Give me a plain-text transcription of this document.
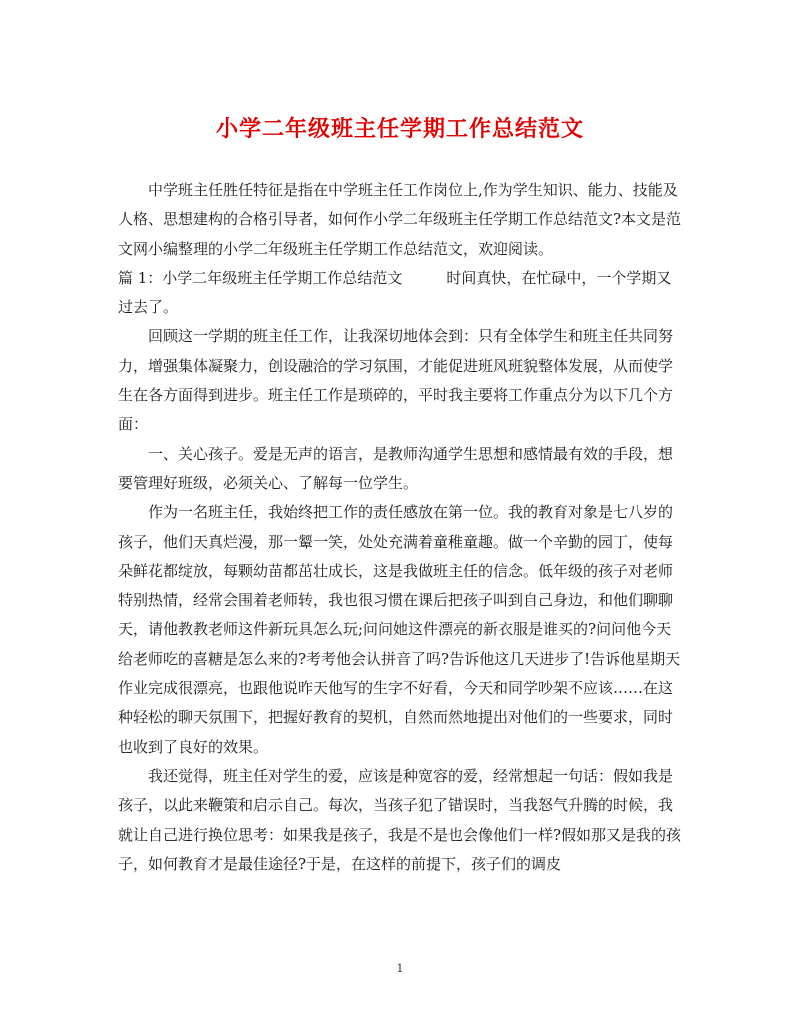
小学二年级班主任学期工作总结范文

中学班主任胜任特征是指在中学班主任工作岗位上,作为学生知识、能力、技能及人格、思想建构的合格引导者，如何作小学二年级班主任学期工作总结范文?本文是范文网小编整理的小学二年级班主任学期工作总结范文，欢迎阅读。

篇 1：小学二年级班主任学期工作总结范文	时间真快，在忙碌中，一个学期又过去了。

回顾这一学期的班主任工作，让我深切地体会到：只有全体学生和班主任共同努力，增强集体凝聚力，创设融洽的学习氛围，才能促进班风班貌整体发展，从而使学生在各方面得到进步。班主任工作是琐碎的，平时我主要将工作重点分为以下几个方面：

一、关心孩子。爱是无声的语言，是教师沟通学生思想和感情最有效的手段，想要管理好班级，必须关心、了解每一位学生。

作为一名班主任，我始终把工作的责任感放在第一位。我的教育对象是七八岁的孩子，他们天真烂漫，那一颦一笑，处处充满着童稚童趣。做一个辛勤的园丁，使每朵鲜花都绽放，每颗幼苗都茁壮成长，这是我做班主任的信念。低年级的孩子对老师特别热情，经常会围着老师转，我也很习惯在课后把孩子叫到自己身边，和他们聊聊天，请他教教老师这件新玩具怎么玩;问问她这件漂亮的新衣服是谁买的?问问他今天给老师吃的喜糖是怎么来的?考考他会认拼音了吗?告诉他这几天进步了!告诉他星期天作业完成很漂亮，也跟他说昨天他写的生字不好看，今天和同学吵架不应该……在这种轻松的聊天氛围下，把握好教育的契机，自然而然地提出对他们的一些要求，同时也收到了良好的效果。

我还觉得，班主任对学生的爱，应该是种宽容的爱，经常想起一句话：假如我是孩子，以此来鞭策和启示自己。每次，当孩子犯了错误时，当我怒气升腾的时候，我就让自己进行换位思考：如果我是孩子，我是不是也会像他们一样?假如那又是我的孩子，如何教育才是最佳途径?于是，在这样的前提下，孩子们的调皮

1
